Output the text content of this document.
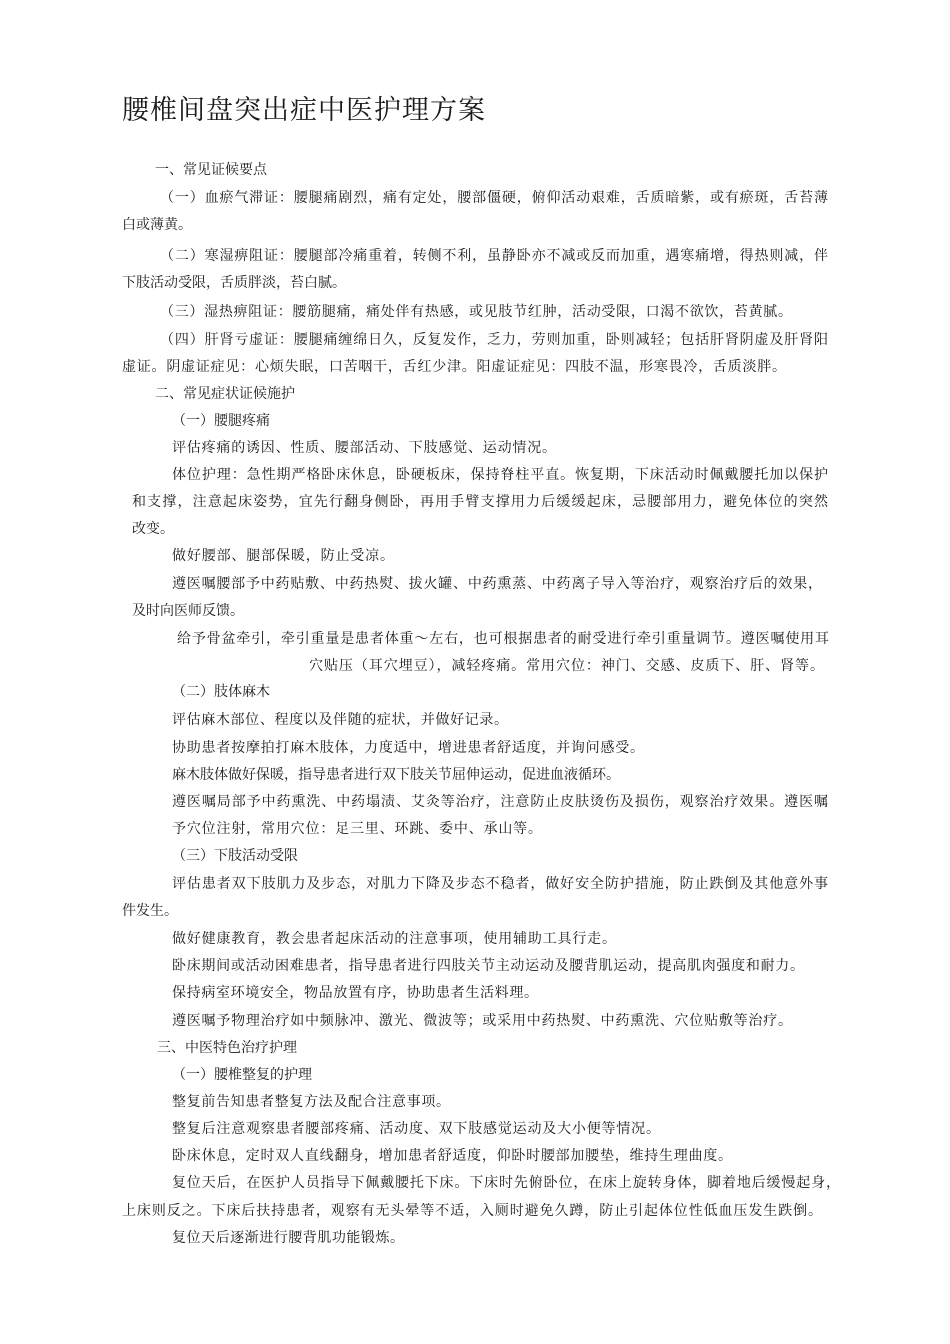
腰椎间盘突出症中医护理方案
一、常见证候要点
（一）血瘀气滞证：腰腿痛剧烈，痛有定处，腰部僵硬，俯仰活动艰难，舌质暗紫，或有瘀斑，舌苔薄
白或薄黄。
（二）寒湿痹阻证：腰腿部冷痛重着，转侧不利，虽静卧亦不减或反而加重，遇寒痛增，得热则减，伴
下肢活动受限，舌质胖淡，苔白腻。
（三）湿热痹阻证：腰筋腿痛，痛处伴有热感，或见肢节红肿，活动受限，口渴不欲饮，苔黄腻。
（四）肝肾亏虚证：腰腿痛缠绵日久，反复发作，乏力，劳则加重，卧则减轻；包括肝肾阴虚及肝肾阳
虚证。阴虚证症见：心烦失眠，口苦咽干，舌红少津。阳虚证症见：四肢不温，形寒畏冷，舌质淡胖。
二、常见症状证候施护
（一）腰腿疼痛
评估疼痛的诱因、性质、腰部活动、下肢感觉、运动情况。
体位护理：急性期严格卧床休息，卧硬板床，保持脊柱平直。恢复期，下床活动时佩戴腰托加以保护
和支撑，注意起床姿势，宜先行翻身侧卧，再用手臂支撑用力后缓缓起床，忌腰部用力，避免体位的突然
改变。
做好腰部、腿部保暖，防止受凉。
遵医嘱腰部予中药贴敷、中药热熨、拔火罐、中药熏蒸、中药离子导入等治疗，观察治疗后的效果，
及时向医师反馈。
给予骨盆牵引，牵引重量是患者体重〜左右，也可根据患者的耐受进行牵引重量调节。遵医嘱使用耳
穴贴压（耳穴埋豆），减轻疼痛。常用穴位：神门、交感、皮质下、肝、肾等。
（二）肢体麻木
评估麻木部位、程度以及伴随的症状，并做好记录。
协助患者按摩拍打麻木肢体，力度适中，增进患者舒适度，并询问感受。
麻木肢体做好保暖，指导患者进行双下肢关节屈伸运动，促进血液循环。
遵医嘱局部予中药熏洗、中药塌渍、艾灸等治疗，注意防止皮肤烫伤及损伤，观察治疗效果。遵医嘱
予穴位注射，常用穴位：足三里、环跳、委中、承山等。
（三）下肢活动受限
评估患者双下肢肌力及步态，对肌力下降及步态不稳者，做好安全防护措施，防止跌倒及其他意外事
件发生。
做好健康教育，教会患者起床活动的注意事项，使用辅助工具行走。
卧床期间或活动困难患者，指导患者进行四肢关节主动运动及腰背肌运动，提高肌肉强度和耐力。
保持病室环境安全，物品放置有序，协助患者生活料理。
遵医嘱予物理治疗如中频脉冲、激光、微波等；或采用中药热熨、中药熏洗、穴位贴敷等治疗。
三、中医特色治疗护理
（一）腰椎整复的护理
整复前告知患者整复方法及配合注意事项。
整复后注意观察患者腰部疼痛、活动度、双下肢感觉运动及大小便等情况。
卧床休息，定时双人直线翻身，增加患者舒适度，仰卧时腰部加腰垫，维持生理曲度。
复位天后，在医护人员指导下佩戴腰托下床。下床时先俯卧位，在床上旋转身体，脚着地后缓慢起身，
上床则反之。下床后扶持患者，观察有无头晕等不适，入厕时避免久蹲，防止引起体位性低血压发生跌倒。
复位天后逐渐进行腰背肌功能锻炼。
